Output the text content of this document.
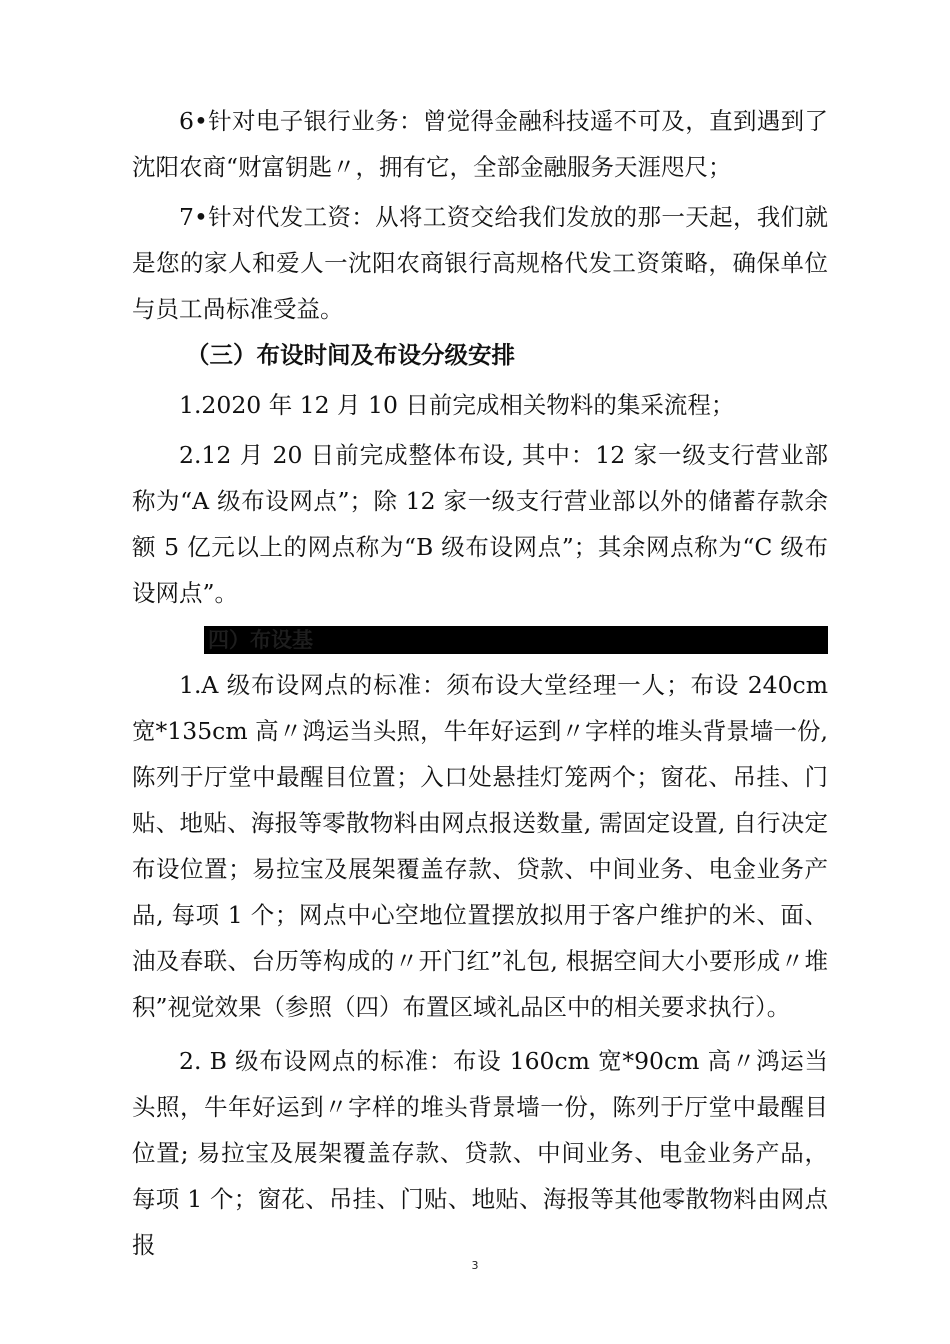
6•针对电子银行业务：曾觉得金融科技遥不可及，直到遇到了沈阳农商“财富钥匙〃，拥有它，全部金融服务天涯咫尺；

7•针对代发工资：从将工资交给我们发放的那一天起，我们就是您的家人和爱人一沈阳农商银行高规格代发工资策略，确保单位与员工咼标准受益。

（三）布设时间及布设分级安排

1.2020 年 12 月 10 日前完成相关物料的集采流程；

2.12 月 20 日前完成整体布设, 其中：12 家一级支行营业部称为“A 级布设网点”；除 12 家一级支行营业部以外的储蓄存款余额 5 亿元以上的网点称为“B 级布设网点”；其余网点称为“C 级布设网点”。

四）布设基

1.A 级布设网点的标准：须布设大堂经理一人；布设 240cm 宽*135cm 高〃鸿运当头照，牛年好运到〃字样的堆头背景墙一份, 陈列于厅堂中最醒目位置；入口处悬挂灯笼两个；窗花、吊挂、门贴、地贴、海报等零散物料由网点报送数量, 需固定设置, 自行决定布设位置；易拉宝及展架覆盖存款、贷款、中间业务、电金业务产品, 每项 1 个；网点中心空地位置摆放拟用于客户维护的米、面、油及春联、台历等构成的〃开门红”礼包, 根据空间大小要形成〃堆积”视觉效果（参照（四）布置区域礼品区中的相关要求执行）。

2. B 级布设网点的标准：布设 160cm 宽*90cm 高〃鸿运当头照，牛年好运到〃字样的堆头背景墙一份，陈列于厅堂中最醒目位置; 易拉宝及展架覆盖存款、贷款、中间业务、电金业务产品，每项 1 个；窗花、吊挂、门贴、地贴、海报等其他零散物料由网点报

3
